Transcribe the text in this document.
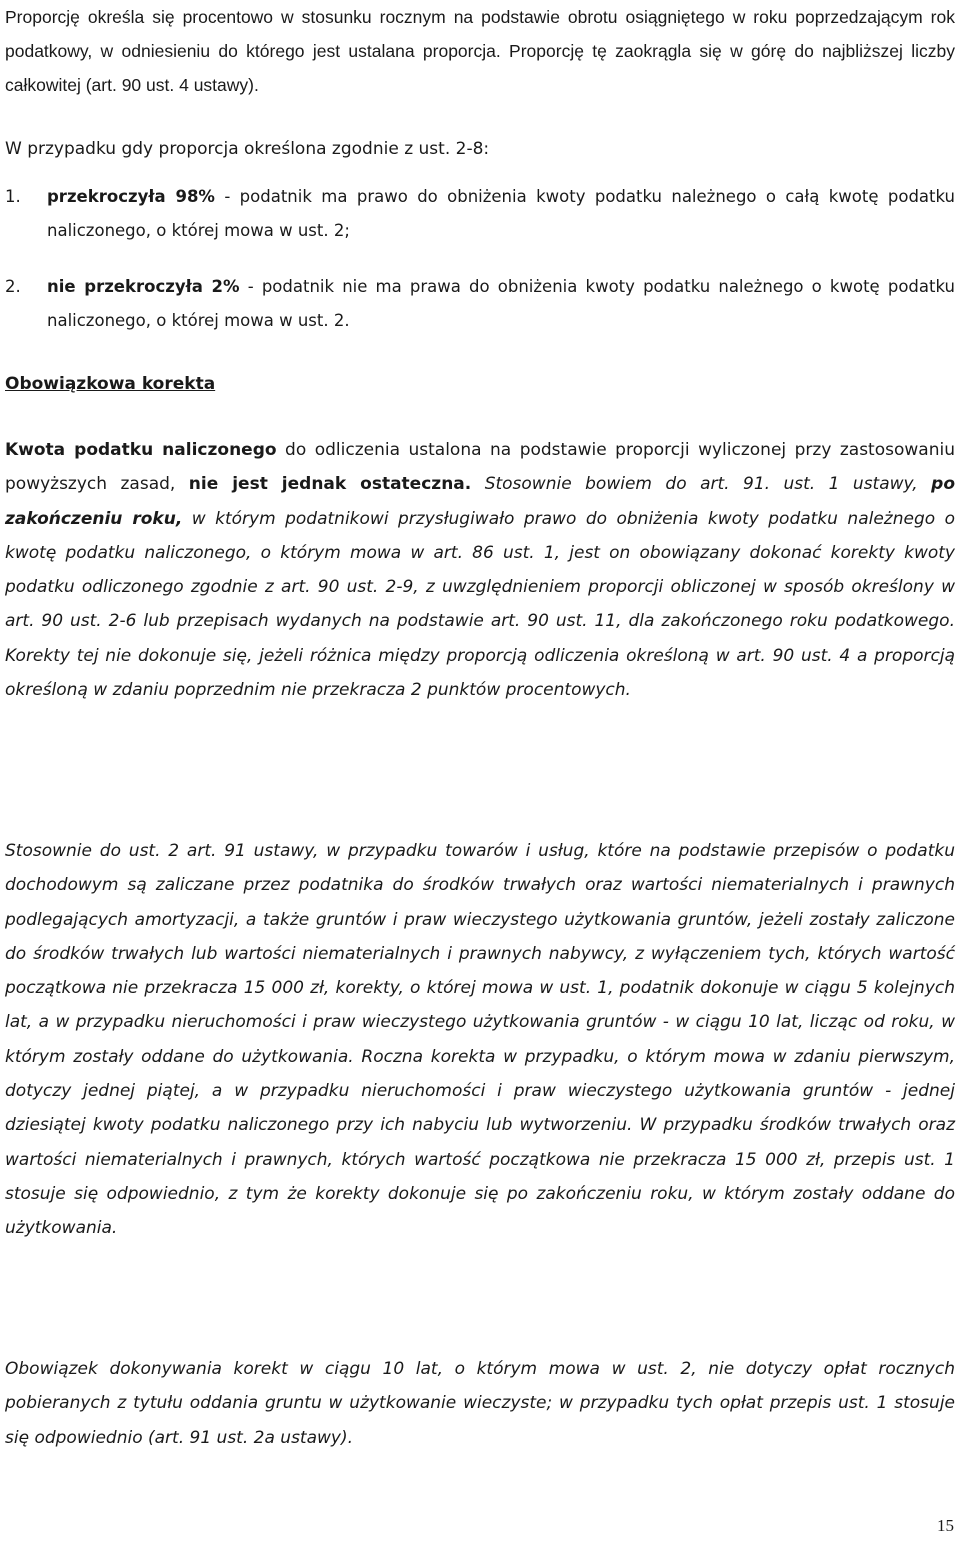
Proporcję określa się procentowo w stosunku rocznym na podstawie obrotu osiągniętego w roku poprzedzającym rok podatkowy, w odniesieniu do którego jest ustalana proporcja. Proporcję tę zaokrągla się w górę do najbliższej liczby całkowitej (art. 90 ust. 4 ustawy).

W przypadku gdy proporcja określona zgodnie z ust. 2-8:

1. przekroczyła 98% - podatnik ma prawo do obniżenia kwoty podatku należnego o całą kwotę podatku naliczonego, o której mowa w ust. 2;
2. nie przekroczyła 2% - podatnik nie ma prawa do obniżenia kwoty podatku należnego o kwotę podatku naliczonego, o której mowa w ust. 2.
Obowiązkowa korekta

Kwota podatku naliczonego do odliczenia ustalona na podstawie proporcji wyliczonej przy zastosowaniu powyższych zasad, nie jest jednak ostateczna. Stosownie bowiem do art. 91. ust. 1 ustawy, po zakończeniu roku, w którym podatnikowi przysługiwało prawo do obniżenia kwoty podatku należnego o kwotę podatku naliczonego, o którym mowa w art. 86 ust. 1, jest on obowiązany dokonać korekty kwoty podatku odliczonego zgodnie z art. 90 ust. 2-9, z uwzględnieniem proporcji obliczonej w sposób określony w art. 90 ust. 2-6 lub przepisach wydanych na podstawie art. 90 ust. 11, dla zakończonego roku podatkowego. Korekty tej nie dokonuje się, jeżeli różnica między proporcją odliczenia określoną w art. 90 ust. 4 a proporcją określoną w zdaniu poprzednim nie przekracza 2 punktów procentowych.

Stosownie do ust. 2 art. 91 ustawy, w przypadku towarów i usług, które na podstawie przepisów o podatku dochodowym są zaliczane przez podatnika do środków trwałych oraz wartości niematerialnych i prawnych podlegających amortyzacji, a także gruntów i praw wieczystego użytkowania gruntów, jeżeli zostały zaliczone do środków trwałych lub wartości niematerialnych i prawnych nabywcy, z wyłączeniem tych, których wartość początkowa nie przekracza 15 000 zł, korekty, o której mowa w ust. 1, podatnik dokonuje w ciągu 5 kolejnych lat, a w przypadku nieruchomości i praw wieczystego użytkowania gruntów - w ciągu 10 lat, licząc od roku, w którym zostały oddane do użytkowania. Roczna korekta w przypadku, o którym mowa w zdaniu pierwszym, dotyczy jednej piątej, a w przypadku nieruchomości i praw wieczystego użytkowania gruntów - jednej dziesiątej kwoty podatku naliczonego przy ich nabyciu lub wytworzeniu. W przypadku środków trwałych oraz wartości niematerialnych i prawnych, których wartość początkowa nie przekracza 15 000 zł, przepis ust. 1 stosuje się odpowiednio, z tym że korekty dokonuje się po zakończeniu roku, w którym zostały oddane do użytkowania.

Obowiązek dokonywania korekt w ciągu 10 lat, o którym mowa w ust. 2, nie dotyczy opłat rocznych pobieranych z tytułu oddania gruntu w użytkowanie wieczyste; w przypadku tych opłat przepis ust. 1 stosuje się odpowiednio (art. 91 ust. 2a ustawy).

15
